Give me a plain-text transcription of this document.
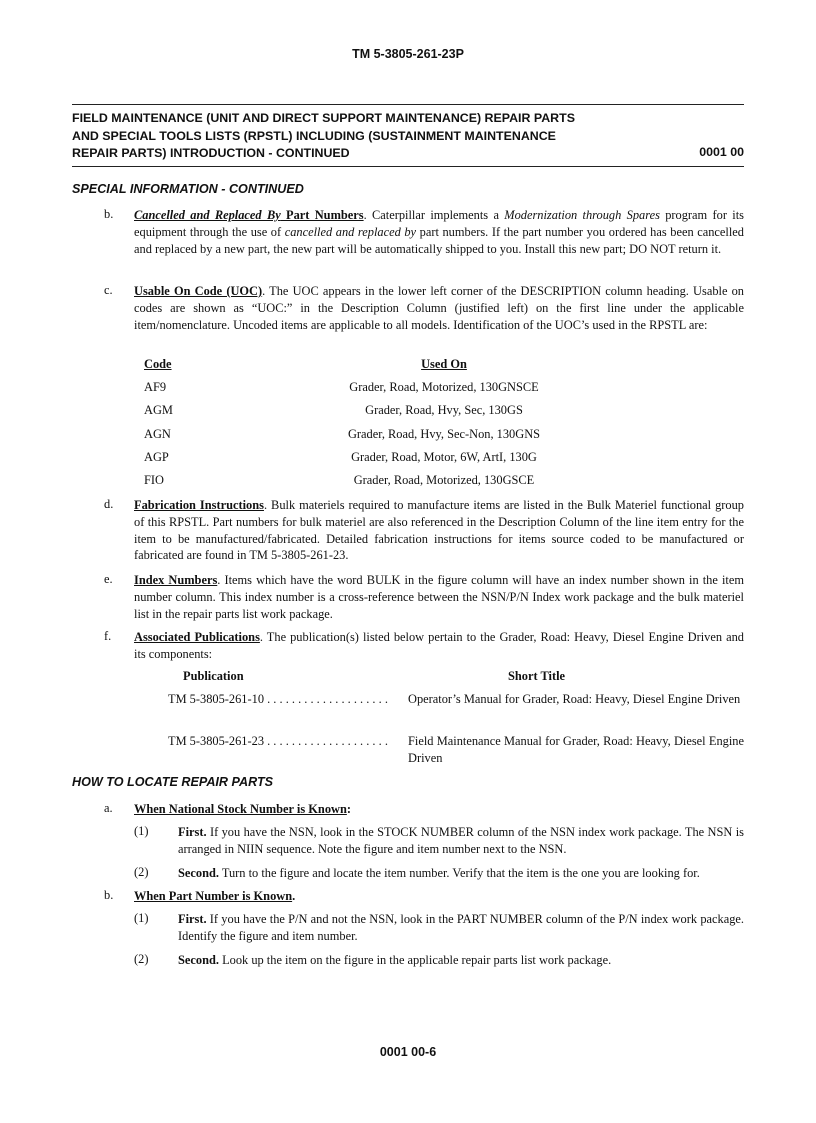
TM 5-3805-261-23P
FIELD MAINTENANCE (UNIT AND DIRECT SUPPORT MAINTENANCE) REPAIR PARTS
AND SPECIAL TOOLS LISTS (RPSTL) INCLUDING (SUSTAINMENT MAINTENANCE
REPAIR PARTS) INTRODUCTION - CONTINUED	0001 00
SPECIAL INFORMATION - CONTINUED
b. Cancelled and Replaced By Part Numbers. Caterpillar implements a Modernization through Spares program for its equipment through the use of cancelled and replaced by part numbers. If the part number you ordered has been cancelled and replaced by a new part, the new part will be automatically shipped to you. Install this new part; DO NOT return it.
c. Usable On Code (UOC). The UOC appears in the lower left corner of the DESCRIPTION column heading. Usable on codes are shown as “UOC:” in the Description Column (justified left) on the first line under the applicable item/nomenclature. Uncoded items are applicable to all models. Identification of the UOC’s used in the RPSTL are:
Code	Used On
AF9	Grader, Road, Motorized, 130GNSCE
AGM	Grader, Road, Hvy, Sec, 130GS
AGN	Grader, Road, Hvy, Sec-Non, 130GNS
AGP	Grader, Road, Motor, 6W, ArtI, 130G
FIO	Grader, Road, Motorized, 130GSCE
d. Fabrication Instructions. Bulk materiels required to manufacture items are listed in the Bulk Materiel functional group of this RPSTL. Part numbers for bulk materiel are also referenced in the Description Column of the line item entry for the item to be manufactured/fabricated. Detailed fabrication instructions for items source coded to be manufactured or fabricated are found in TM 5-3805-261-23.
e. Index Numbers. Items which have the word BULK in the figure column will have an index number shown in the item number column. This index number is a cross-reference between the NSN/P/N Index work package and the bulk materiel list in the repair parts list work package.
f. Associated Publications. The publication(s) listed below pertain to the Grader, Road: Heavy, Diesel Engine Driven and its components:
Publication	Short Title
TM 5-3805-261-10 . . . . . . . . . . . . . . . . . . . .	Operator’s Manual for Grader, Road: Heavy, Diesel Engine Driven
TM 5-3805-261-23 . . . . . . . . . . . . . . . . . . . .	Field Maintenance Manual for Grader, Road: Heavy, Diesel Engine Driven
HOW TO LOCATE REPAIR PARTS
a. When National Stock Number is Known:
(1) First. If you have the NSN, look in the STOCK NUMBER column of the NSN index work package. The NSN is arranged in NIIN sequence. Note the figure and item number next to the NSN.
(2) Second. Turn to the figure and locate the item number. Verify that the item is the one you are looking for.
b. When Part Number is Known.
(1) First. If you have the P/N and not the NSN, look in the PART NUMBER column of the P/N index work package. Identify the figure and item number.
(2) Second. Look up the item on the figure in the applicable repair parts list work package.
0001 00-6
